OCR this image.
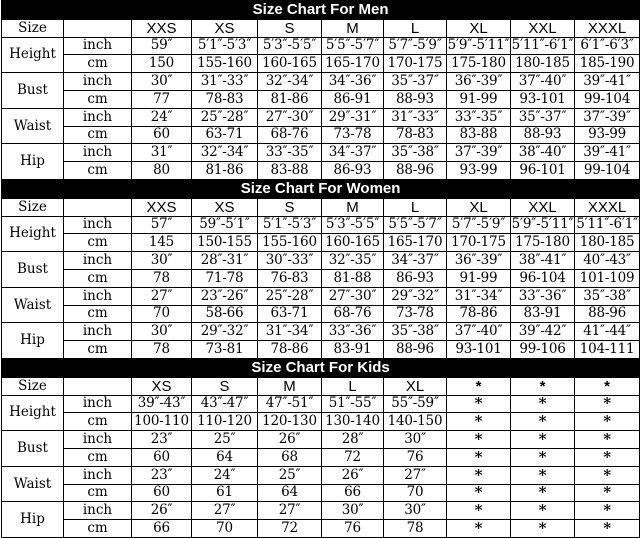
Size Chart For Men									
Size		XXS	XS	S	M	L	XL	XXL	XXXL
Height	inch	59″	5′1″-5′3″	5′3″-5′5″	5′5″-5′7″	5′7″-5′9″	5′9″-5′11″	5′11″-6′1″	6′1″-6′3″
	cm	150	155-160	160-165	165-170	170-175	175-180	180-185	185-190
Bust	inch	30″	31″-33″	32″-34″	34″-36″	35″-37″	36″-39″	37″-40″	39″-41″
	cm	77	78-83	81-86	86-91	88-93	91-99	93-101	99-104
Waist	inch	24″	25″-28″	27″-30″	29″-31″	31″-33″	33″-35″	35″-37″	37″-39″
	cm	60	63-71	68-76	73-78	78-83	83-88	88-93	93-99
Hip	inch	31″	32″-34″	33″-35″	34″-37″	35″-38″	37″-39″	38″-40″	39″-41″
	cm	80	81-86	83-88	86-93	88-96	93-99	96-101	99-104
Size Chart For Women									
Size		XXS	XS	S	M	L	XL	XXL	XXXL
Height	inch	57″	59″-5′1″	5′1″-5′3″	5′3″-5′5″	5′5″-5′7″	5′7″-5′9″	5′9″-5′11″	5′11″-6′1″
	cm	145	150-155	155-160	160-165	165-170	170-175	175-180	180-185
Bust	inch	30″	28″-31″	30″-33″	32″-35″	34″-37″	36″-39″	38″-41″	40″-43″
	cm	78	71-78	76-83	81-88	86-93	91-99	96-104	101-109
Waist	inch	27″	23″-26″	25″-28″	27″-30″	29″-32″	31″-34″	33″-36″	35″-38″
	cm	70	58-66	63-71	68-76	73-78	78-86	83-91	88-96
Hip	inch	30″	29″-32″	31″-34″	33″-36″	35″-38″	37″-40″	39″-42″	41″-44″
	cm	78	73-81	78-86	83-91	88-96	93-101	99-106	104-111
Size Chart For Kids									
Size		XS	S	M	L	XL	*	*	*
Height	inch	39″-43″	43″-47″	47″-51″	51″-55″	55″-59″	*	*	*
	cm	100-110	110-120	120-130	130-140	140-150	*	*	*
Bust	inch	23″	25″	26″	28″	30″	*	*	*
	cm	60	64	68	72	76	*	*	*
Waist	inch	23″	24″	25″	26″	27″	*	*	*
	cm	60	61	64	66	70	*	*	*
Hip	inch	26″	27″	27″	30″	30″	*	*	*
	cm	66	70	72	76	78	*	*	*
